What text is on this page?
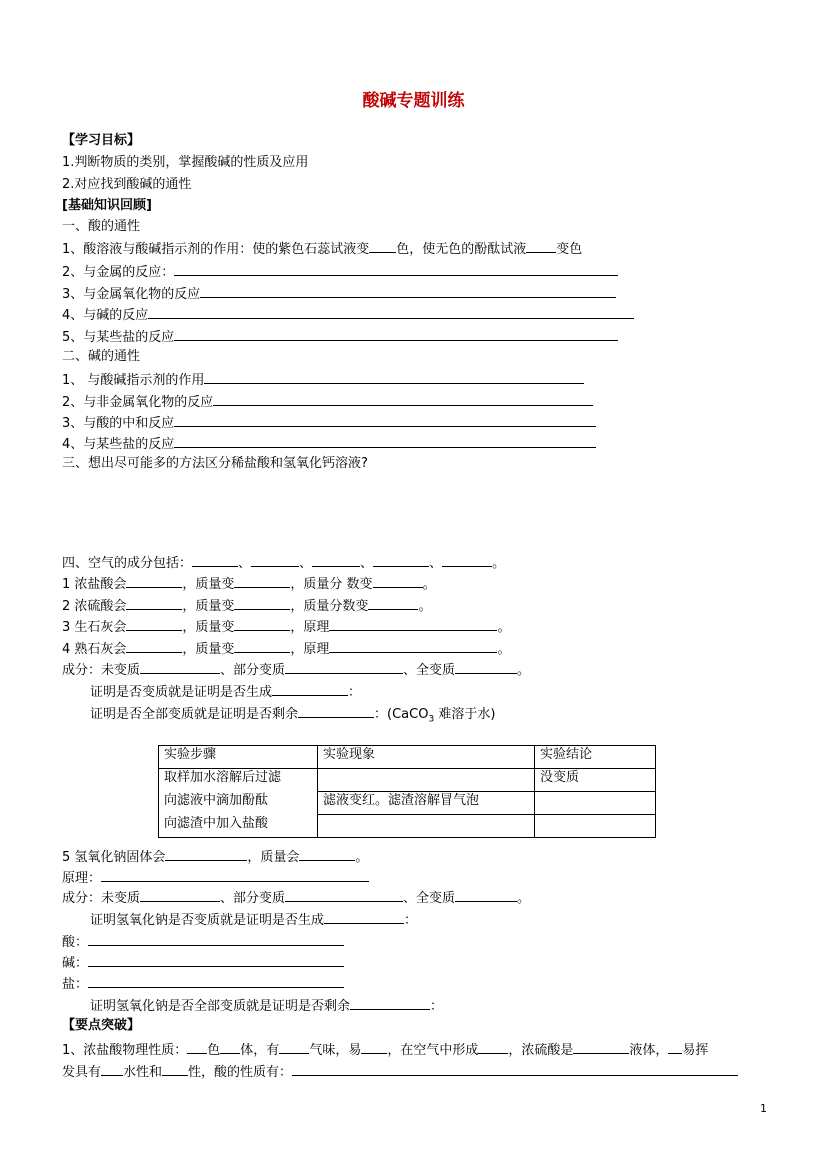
酸碱专题训练
【学习目标】
1.判断物质的类别，掌握酸碱的性质及应用
2.对应找到酸碱的通性
[基础知识回顾]
一、酸的通性
1、酸溶液与酸碱指示剂的作用：使的紫色石蕊试液变 色，使无色的酚酞试液 变色
2、与金属的反应：
3、与金属氧化物的反应
4、与碱的反应
5、与某些盐的反应
二、碱的通性
1、 与酸碱指示剂的作用
2、与非金属氧化物的反应
3、与酸的中和反应
4、与某些盐的反应
三、想出尽可能多的方法区分稀盐酸和氢氧化钙溶液?
四、空气的成分包括：	、	、	、	、	。
1 浓盐酸会	，质量变	，质量分 数变	。
2 浓硫酸会	，质量变	，质量分数变	。
3 生石灰会	，质量变	，原理	。
4 熟石灰会	，质量变	，原理	。
成分：未变质	、部分变质	、全变质	。
证明是否变质就是证明是否生成	：
证明是否全部变质就是证明是否剩余	：(CaCO$_3$ 难溶于水)
实验步骤	实验现象	实验结论
取样加水溶解后过滤		没变质
向滤液中滴加酚酞	滤液变红。滤渣溶解冒气泡	
向滤渣中加入盐酸		
5 氢氧化钠固体会	，质量会	。
原理：
成分：未变质	、部分变质	、全变质	。
证明氢氧化钠是否变质就是证明是否生成	：
酸：
碱：
盐：
证明氢氧化钠是否全部变质就是证明是否剩余	：
【要点突破】
1、浓盐酸物理性质： 色 体，有 气味，易 ，在空气中形成 ，浓硫酸是	液体， 易挥
发具有 水性和 性，酸的性质有：
1
